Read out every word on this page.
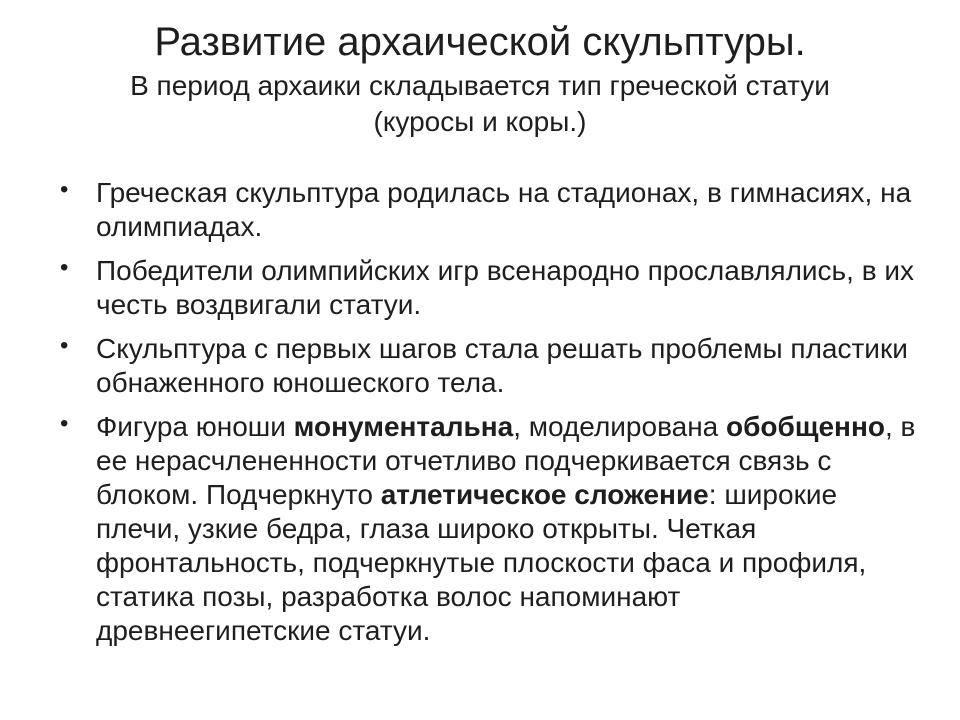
Развитие архаической скульптуры.

В период архаики складывается тип греческой статуи
(куросы и коры.)

• Греческая скульптура родилась на стадионах, в гимнасиях, на олимпиадах.
• Победители олимпийских игр всенародно прославлялись, в их честь воздвигали статуи.
• Скульптура с первых шагов стала решать проблемы пластики обнаженного юношеского тела.
• Фигура юноши монументальна, моделирована обобщенно, в ее нерасчлененности отчетливо подчеркивается связь с блоком. Подчеркнуто атлетическое сложение: широкие плечи, узкие бедра, глаза широко открыты. Четкая фронтальность, подчеркнутые плоскости фаса и профиля, статика позы, разработка волос напоминают древнеегипетские статуи.
